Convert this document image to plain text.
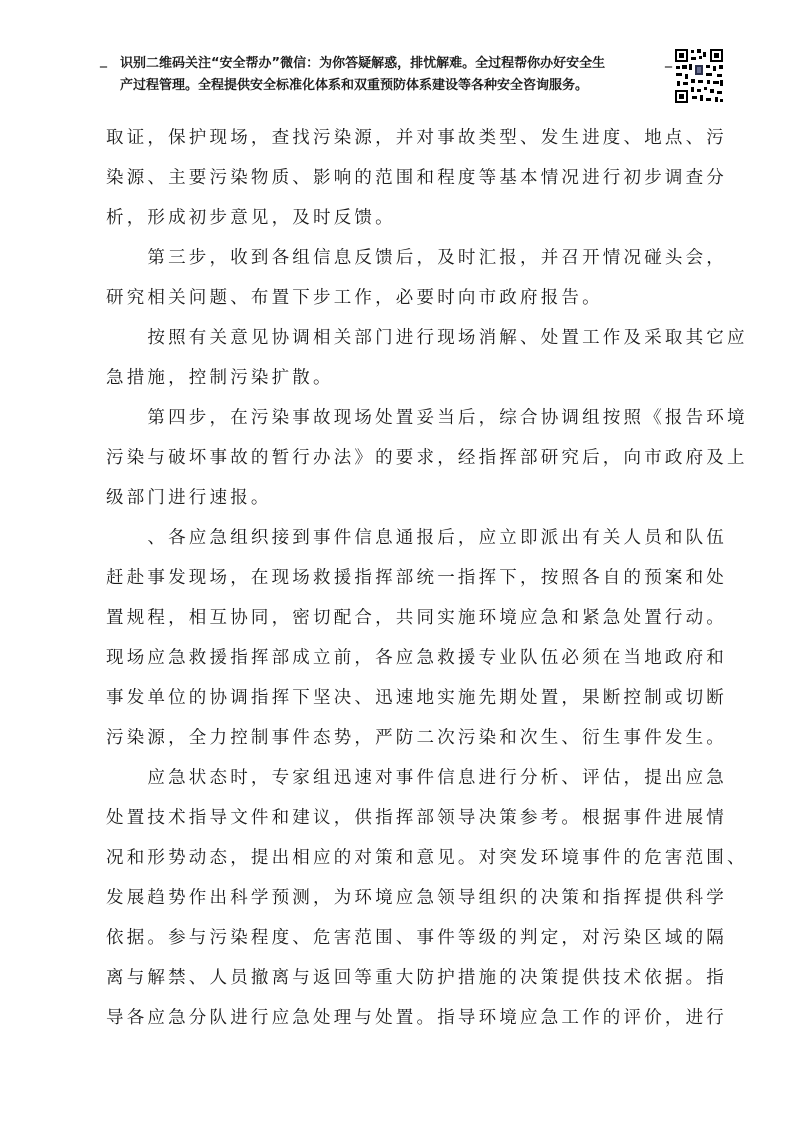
_ 识别二维码关注“安全帮办”微信：为你答疑解惑，排忧解难。全过程帮你办好安全生
产过程管理。全程提供安全标准化体系和双重预防体系建设等各种安全咨询服务。
_
取证，保护现场，查找污染源，并对事故类型、发生进度、地点、污
染源、主要污染物质、影响的范围和程度等基本情况进行初步调查分
析，形成初步意见，及时反馈。
　　第三步，收到各组信息反馈后，及时汇报，并召开情况碰头会，
研究相关问题、布置下步工作，必要时向市政府报告。
　　按照有关意见协调相关部门进行现场消解、处置工作及采取其它应
急措施，控制污染扩散。
　　第四步，在污染事故现场处置妥当后，综合协调组按照《报告环境
污染与破坏事故的暂行办法》的要求，经指挥部研究后，向市政府及上
级部门进行速报。
　　、各应急组织接到事件信息通报后，应立即派出有关人员和队伍
赶赴事发现场，在现场救援指挥部统一指挥下，按照各自的预案和处
置规程，相互协同，密切配合，共同实施环境应急和紧急处置行动。
现场应急救援指挥部成立前，各应急救援专业队伍必须在当地政府和
事发单位的协调指挥下坚决、迅速地实施先期处置，果断控制或切断
污染源，全力控制事件态势，严防二次污染和次生、衍生事件发生。
　　应急状态时，专家组迅速对事件信息进行分析、评估，提出应急
处置技术指导文件和建议，供指挥部领导决策参考。根据事件进展情
况和形势动态，提出相应的对策和意见。对突发环境事件的危害范围、
发展趋势作出科学预测，为环境应急领导组织的决策和指挥提供科学
依据。参与污染程度、危害范围、事件等级的判定，对污染区域的隔
离与解禁、人员撤离与返回等重大防护措施的决策提供技术依据。指
导各应急分队进行应急处理与处置。指导环境应急工作的评价，进行
